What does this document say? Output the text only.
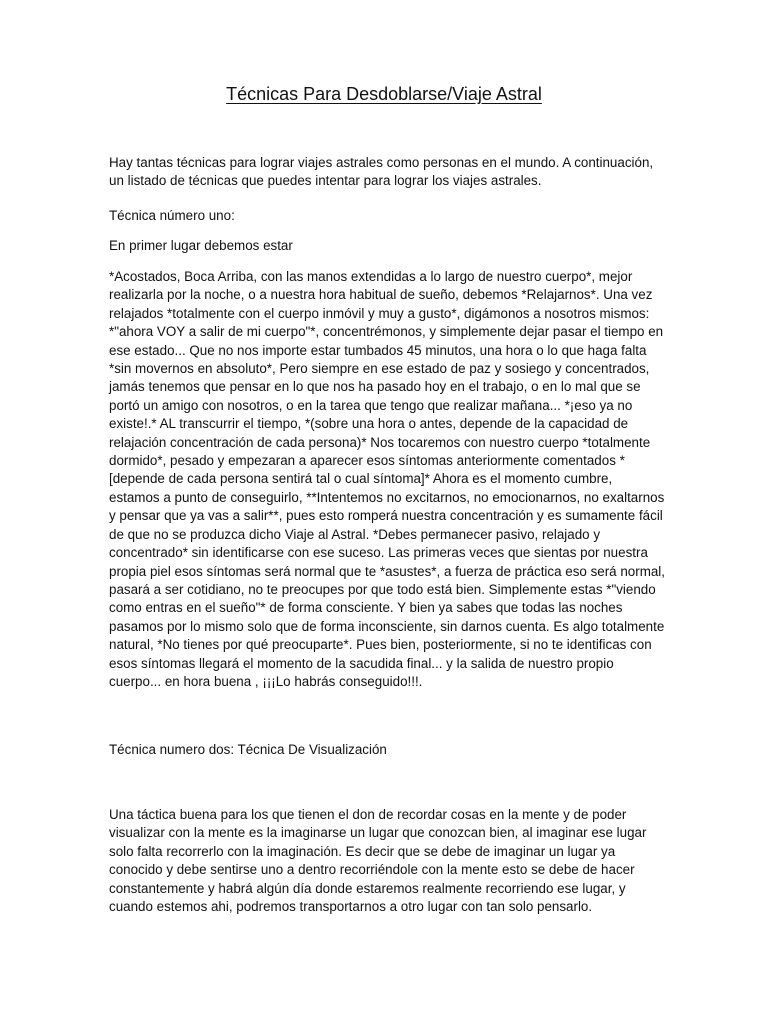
Técnicas Para Desdoblarse/Viaje Astral

Hay tantas técnicas para lograr viajes astrales como personas en el mundo. A continuación, un listado de técnicas que puedes intentar para lograr los viajes astrales.

Técnica número uno:

En primer lugar debemos estar

*Acostados, Boca Arriba, con las manos extendidas a lo largo de nuestro cuerpo*, mejor realizarla por la noche, o a nuestra hora habitual de sueño, debemos *Relajarnos*. Una vez relajados *totalmente con el cuerpo inmóvil y muy a gusto*, digámonos a nosotros mismos: *"ahora VOY a salir de mi cuerpo"*, concentrémonos, y simplemente dejar pasar el tiempo en ese estado... Que no nos importe estar tumbados 45 minutos, una hora o lo que haga falta *sin movernos en absoluto*, Pero siempre en ese estado de paz y sosiego y concentrados, jamás tenemos que pensar en lo que nos ha pasado hoy en el trabajo, o en lo mal que se portó un amigo con nosotros, o en la tarea que tengo que realizar mañana... *¡eso ya no existe!.* AL transcurrir el tiempo, *(sobre una hora o antes, depende de la capacidad de relajación concentración de cada persona)* Nos tocaremos con nuestro cuerpo *totalmente dormido*, pesado y empezaran a aparecer esos síntomas anteriormente comentados *[depende de cada persona sentirá tal o cual síntoma]* Ahora es el momento cumbre, estamos a punto de conseguirlo, **Intentemos no excitarnos, no emocionarnos, no exaltarnos y pensar que ya vas a salir**, pues esto romperá nuestra concentración y es sumamente fácil de que no se produzca dicho Viaje al Astral. *Debes permanecer pasivo, relajado y concentrado* sin identificarse con ese suceso. Las primeras veces que sientas por nuestra propia piel esos síntomas será normal que te *asustes*, a fuerza de práctica eso será normal, pasará a ser cotidiano, no te preocupes por que todo está bien. Simplemente estas *"viendo como entras en el sueño"* de forma consciente. Y bien ya sabes que todas las noches pasamos por lo mismo solo que de forma inconsciente, sin darnos cuenta. Es algo totalmente natural, *No tienes por qué preocuparte*. Pues bien, posteriormente, si no te identificas con esos síntomas llegará el momento de la sacudida final... y la salida de nuestro propio cuerpo... en hora buena , ¡¡¡Lo habrás conseguido!!!.

Técnica numero dos: Técnica De Visualización

Una táctica buena para los que tienen el don de recordar cosas en la mente y de poder visualizar con la mente es la imaginarse un lugar que conozcan bien, al imaginar ese lugar solo falta recorrerlo con la imaginación. Es decir que se debe de imaginar un lugar ya conocido y debe sentirse uno a dentro recorriéndole con la mente esto se debe de hacer constantemente y habrá algún día donde estaremos realmente recorriendo ese lugar, y cuando estemos ahi, podremos transportarnos a otro lugar con tan solo pensarlo.
